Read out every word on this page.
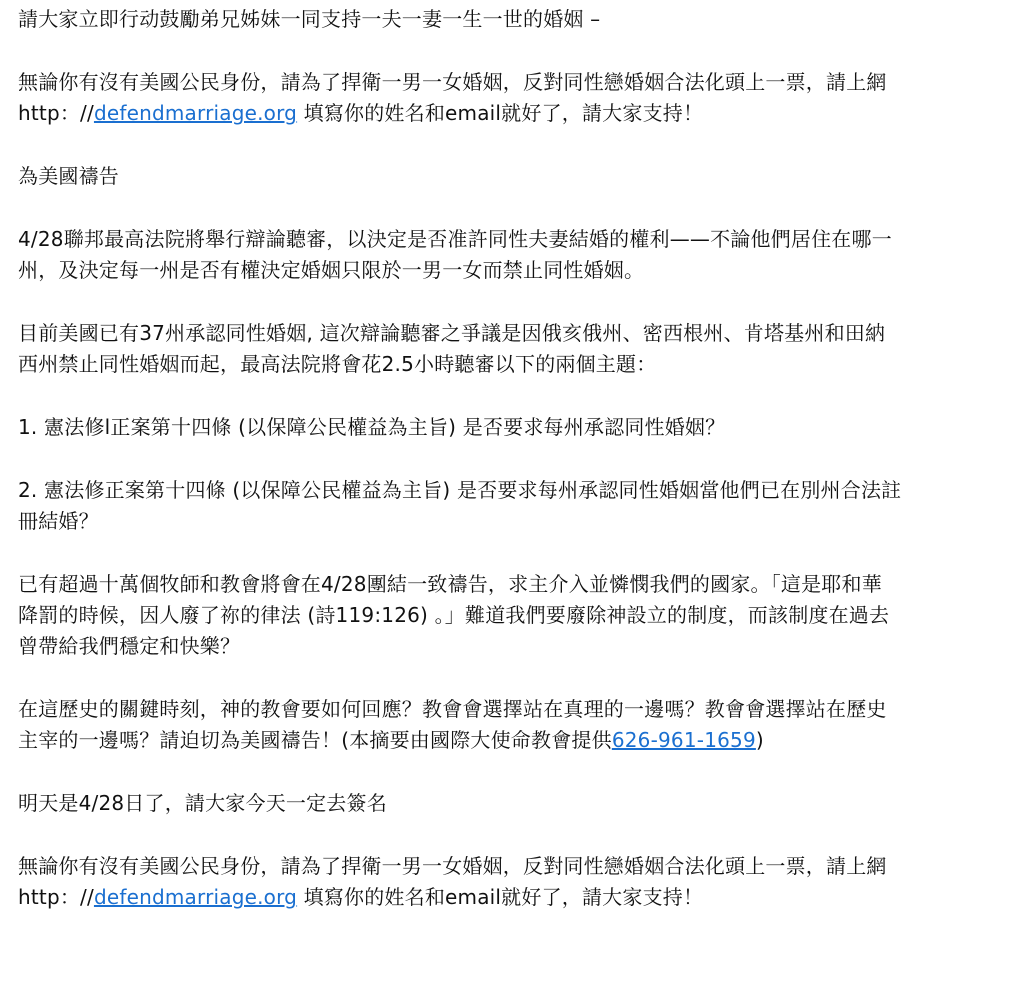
請大家立即行动鼓勵弟兄姊妹一同支持一夫一妻一生一世的婚姻 –
無論你有沒有美國公民身份，請為了捍衛一男一女婚姻，反對同性戀婚姻合法化頭上一票，請上網
http：//defendmarriage.org 填寫你的姓名和email就好了，請大家支持！
為美國禱告
4/28聯邦最高法院將舉行辯論聽審，以決定是否准許同性夫妻結婚的權利——不論他們居住在哪一
州，及決定每一州是否有權決定婚姻只限於一男一女而禁止同性婚姻。
目前美國已有37州承認同性婚姻, 這次辯論聽審之爭議是因俄亥俄州、密西根州、肯塔基州和田納
西州禁止同性婚姻而起，最高法院將會花2.5小時聽審以下的兩個主題：
1. 憲法修l正案第十四條 (以保障公民權益為主旨) 是否要求每州承認同性婚姻？
2. 憲法修正案第十四條 (以保障公民權益為主旨) 是否要求每州承認同性婚姻當他們已在別州合法註
冊結婚？
已有超過十萬個牧師和教會將會在4/28團結一致禱告，求主介入並憐憫我們的國家。「這是耶和華
降罰的時候，因人廢了祢的律法 (詩119:126) 。」難道我們要廢除神設立的制度，而該制度在過去
曾帶給我們穩定和快樂？
在這歷史的關鍵時刻，神的教會要如何回應？教會會選擇站在真理的一邊嗎？教會會選擇站在歷史
主宰的一邊嗎？請迫切為美國禱告！(本摘要由國際大使命教會提供626-961-1659)
明天是4/28日了，請大家今天一定去簽名
無論你有沒有美國公民身份，請為了捍衛一男一女婚姻，反對同性戀婚姻合法化頭上一票，請上網
http：//defendmarriage.org 填寫你的姓名和email就好了，請大家支持！
